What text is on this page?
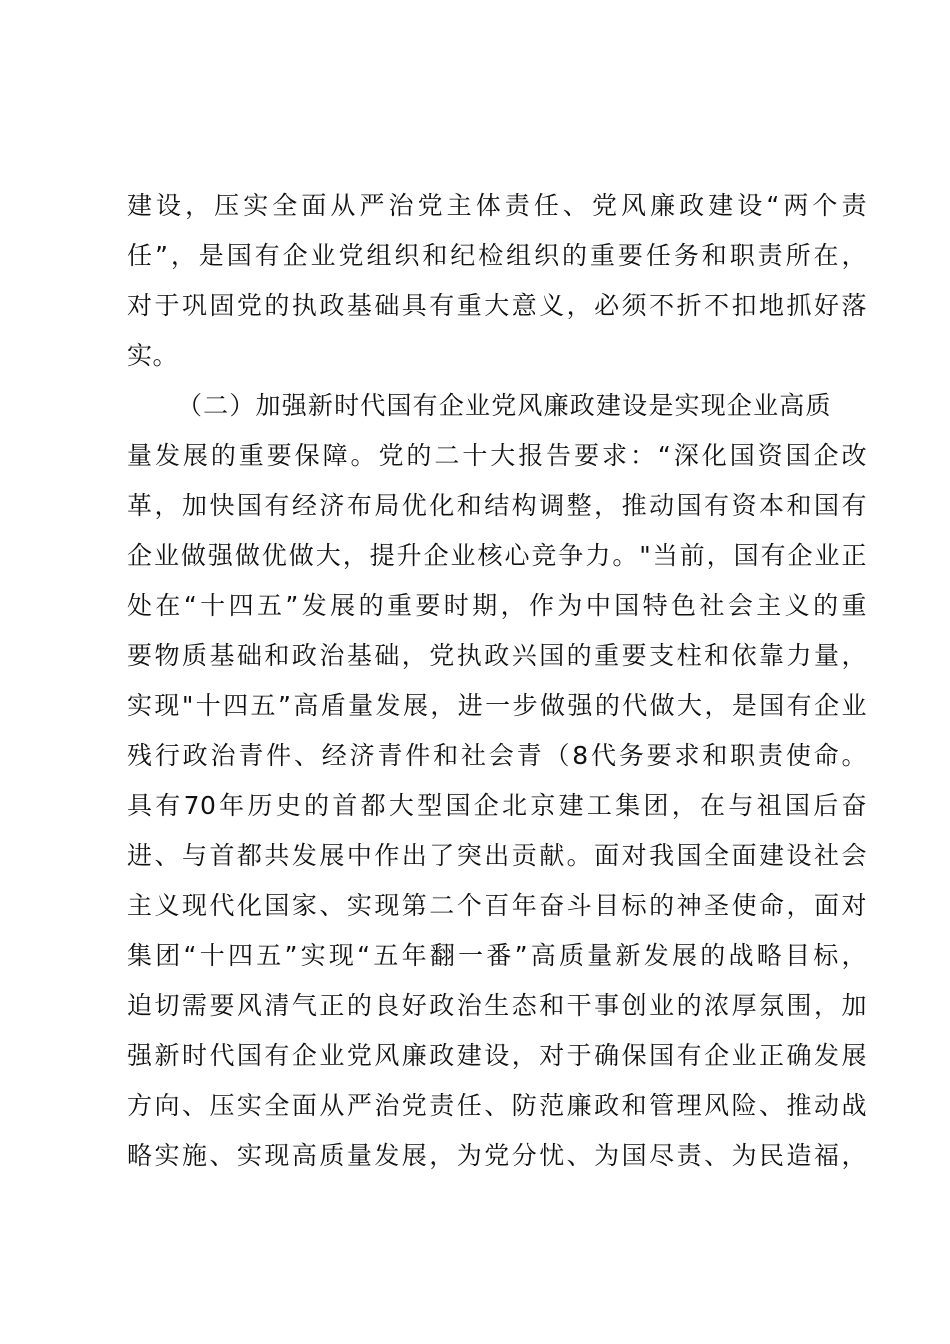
建设，压实全面从严治党主体责任、党风廉政建设“两个责
任”，是国有企业党组织和纪检组织的重要任务和职责所在，
对于巩固党的执政基础具有重大意义，必须不折不扣地抓好落
实。
（二）加强新时代国有企业党风廉政建设是实现企业高质
量发展的重要保障。党的二十大报告要求：“深化国资国企改
革，加快国有经济布局优化和结构调整，推动国有资本和国有
企业做强做优做大，提升企业核心竞争力。"当前，国有企业正
处在“十四五”发展的重要时期，作为中国特色社会主义的重
要物质基础和政治基础，党执政兴国的重要支柱和依靠力量，
实现"十四五”高盾量发展，进一步做强的代做大，是国有企业
残行政治青件、经济青件和社会青（8代务要求和职责使命。
具有70年历史的首都大型国企北京建工集团，在与祖国后奋
进、与首都共发展中作出了突出贡献。面对我国全面建设社会
主义现代化国家、实现第二个百年奋斗目标的神圣使命，面对
集团“十四五”实现“五年翻一番”高质量新发展的战略目标，
迫切需要风清气正的良好政治生态和干事创业的浓厚氛围，加
强新时代国有企业党风廉政建设，对于确保国有企业正确发展
方向、压实全面从严治党责任、防范廉政和管理风险、推动战
略实施、实现高质量发展，为党分忧、为国尽责、为民造福，
